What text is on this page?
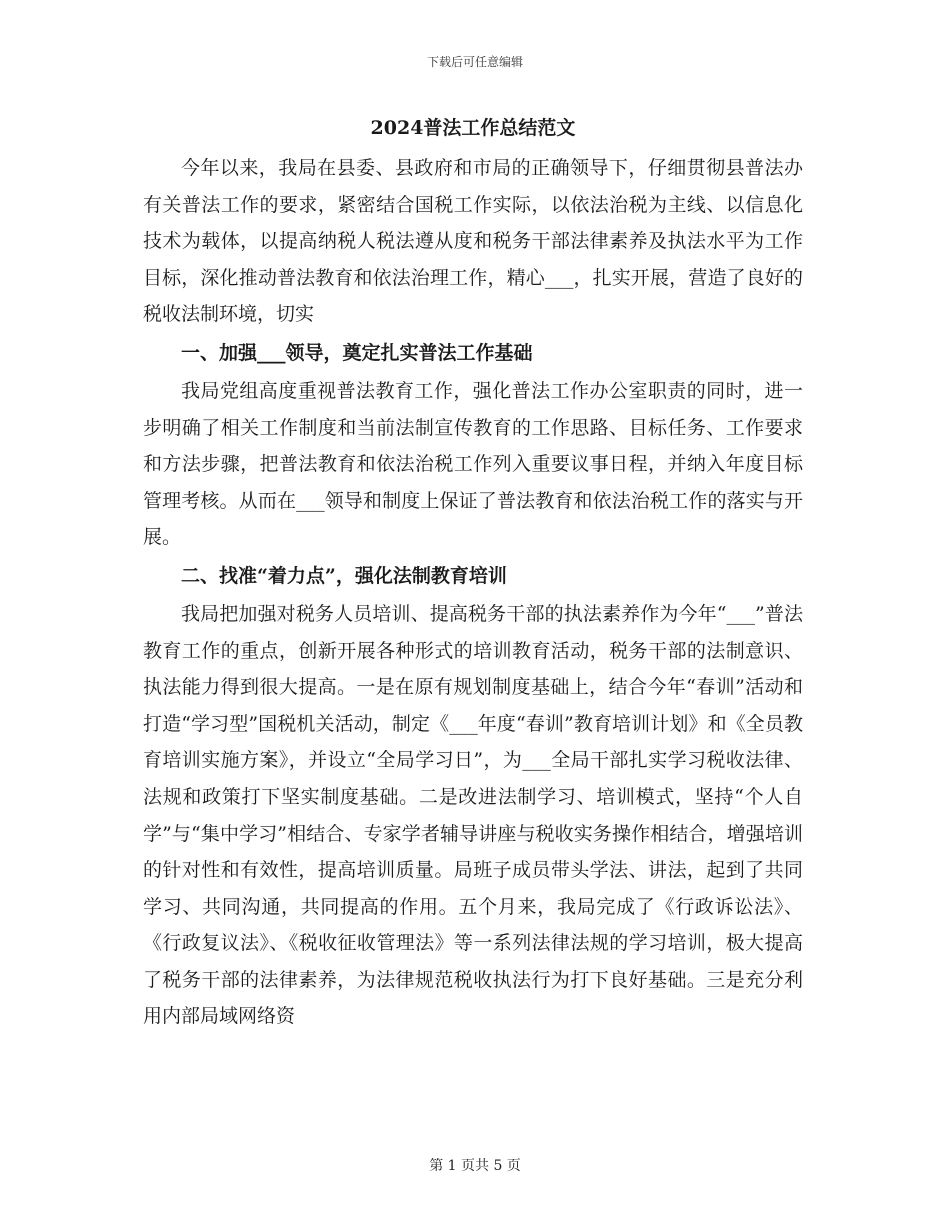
下载后可任意编辑
2024普法工作总结范文

今年以来，我局在县委、县政府和市局的正确领导下，仔细贯彻县普法办有关普法工作的要求，紧密结合国税工作实际，以依法治税为主线、以信息化技术为载体，以提高纳税人税法遵从度和税务干部法律素养及执法水平为工作目标，深化推动普法教育和依法治理工作，精心___，扎实开展，营造了良好的税收法制环境，切实

一、加强___领导，奠定扎实普法工作基础

我局党组高度重视普法教育工作，强化普法工作办公室职责的同时，进一步明确了相关工作制度和当前法制宣传教育的工作思路、目标任务、工作要求和方法步骤，把普法教育和依法治税工作列入重要议事日程，并纳入年度目标管理考核。从而在___领导和制度上保证了普法教育和依法治税工作的落实与开展。

二、找准“着力点”，强化法制教育培训

我局把加强对税务人员培训、提高税务干部的执法素养作为今年“___”普法教育工作的重点，创新开展各种形式的培训教育活动，税务干部的法制意识、执法能力得到很大提高。一是在原有规划制度基础上，结合今年“春训”活动和打造“学习型”国税机关活动，制定《___年度“春训”教育培训计划》和《全员教育培训实施方案》，并设立“全局学习日”，为___全局干部扎实学习税收法律、法规和政策打下坚实制度基础。二是改进法制学习、培训模式，坚持“个人自学”与“集中学习”相结合、专家学者辅导讲座与税收实务操作相结合，增强培训的针对性和有效性，提高培训质量。局班子成员带头学法、讲法，起到了共同学习、共同沟通，共同提高的作用。五个月来，我局完成了《行政诉讼法》、《行政复议法》、《税收征收管理法》等一系列法律法规的学习培训，极大提高了税务干部的法律素养，为法律规范税收执法行为打下良好基础。三是充分利用内部局域网络资

第 1 页共 5 页
